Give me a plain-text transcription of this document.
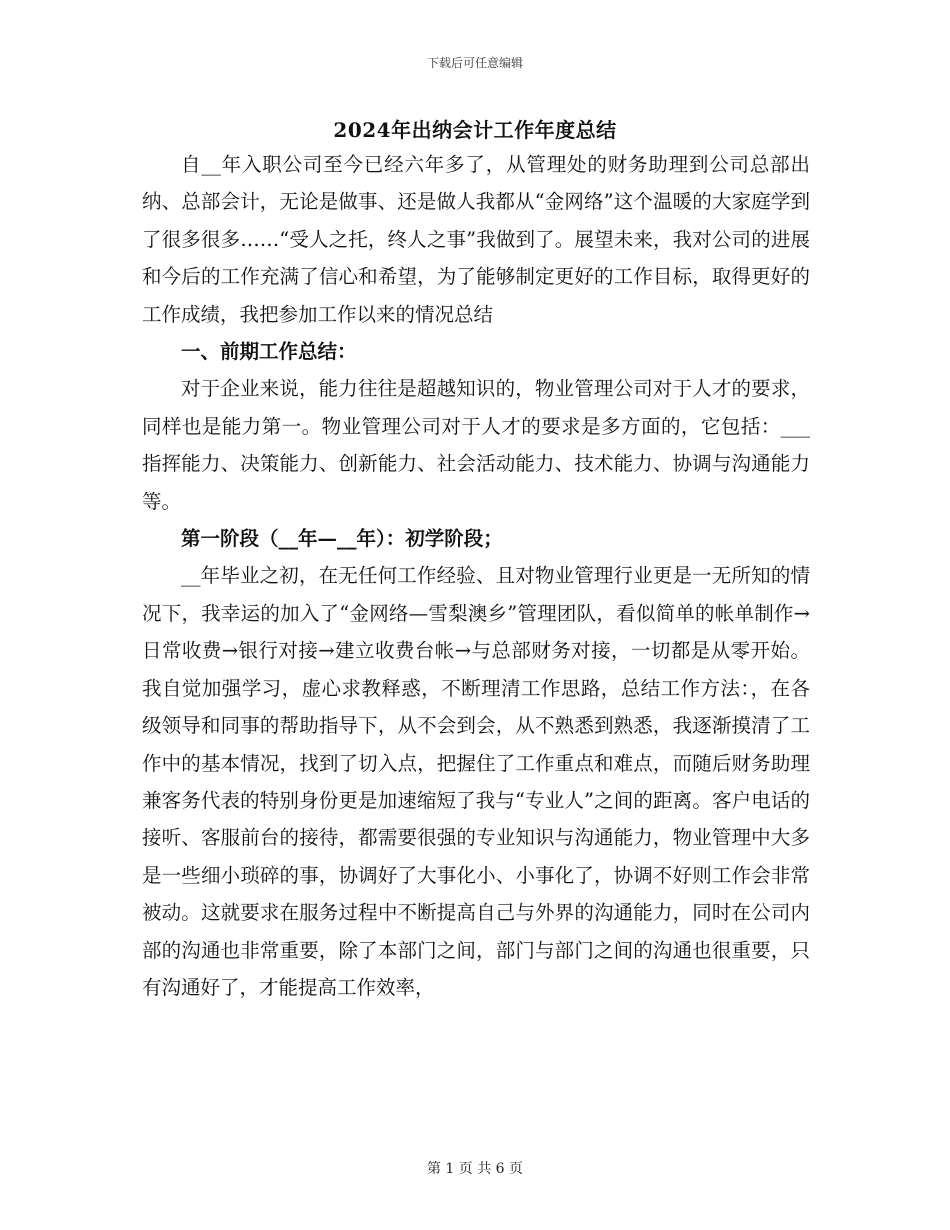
下载后可任意编辑
2024年出纳会计工作年度总结

自__年入职公司至今已经六年多了，从管理处的财务助理到公司总部出纳、总部会计，无论是做事、还是做人我都从“金网络”这个温暖的大家庭学到了很多很多……“受人之托，终人之事”我做到了。展望未来，我对公司的进展和今后的工作充满了信心和希望，为了能够制定更好的工作目标，取得更好的工作成绩，我把参加工作以来的情况总结

一、前期工作总结：

对于企业来说，能力往往是超越知识的，物业管理公司对于人才的要求，同样也是能力第一。物业管理公司对于人才的要求是多方面的，它包括：___指挥能力、决策能力、创新能力、社会活动能力、技术能力、协调与沟通能力等。

第一阶段（__年—__年）：初学阶段；

__年毕业之初，在无任何工作经验、且对物业管理行业更是一无所知的情况下，我幸运的加入了“金网络—雪梨澳乡”管理团队，看似简单的帐单制作→日常收费→银行对接→建立收费台帐→与总部财务对接，一切都是从零开始。我自觉加强学习，虚心求教释惑，不断理清工作思路，总结工作方法：，在各级领导和同事的帮助指导下，从不会到会，从不熟悉到熟悉，我逐渐摸清了工作中的基本情况，找到了切入点，把握住了工作重点和难点，而随后财务助理兼客务代表的特别身份更是加速缩短了我与“专业人”之间的距离。客户电话的接听、客服前台的接待，都需要很强的专业知识与沟通能力，物业管理中大多是一些细小琐碎的事，协调好了大事化小、小事化了，协调不好则工作会非常被动。这就要求在服务过程中不断提高自己与外界的沟通能力，同时在公司内部的沟通也非常重要，除了本部门之间，部门与部门之间的沟通也很重要，只有沟通好了，才能提高工作效率，

第 1 页 共 6 页
